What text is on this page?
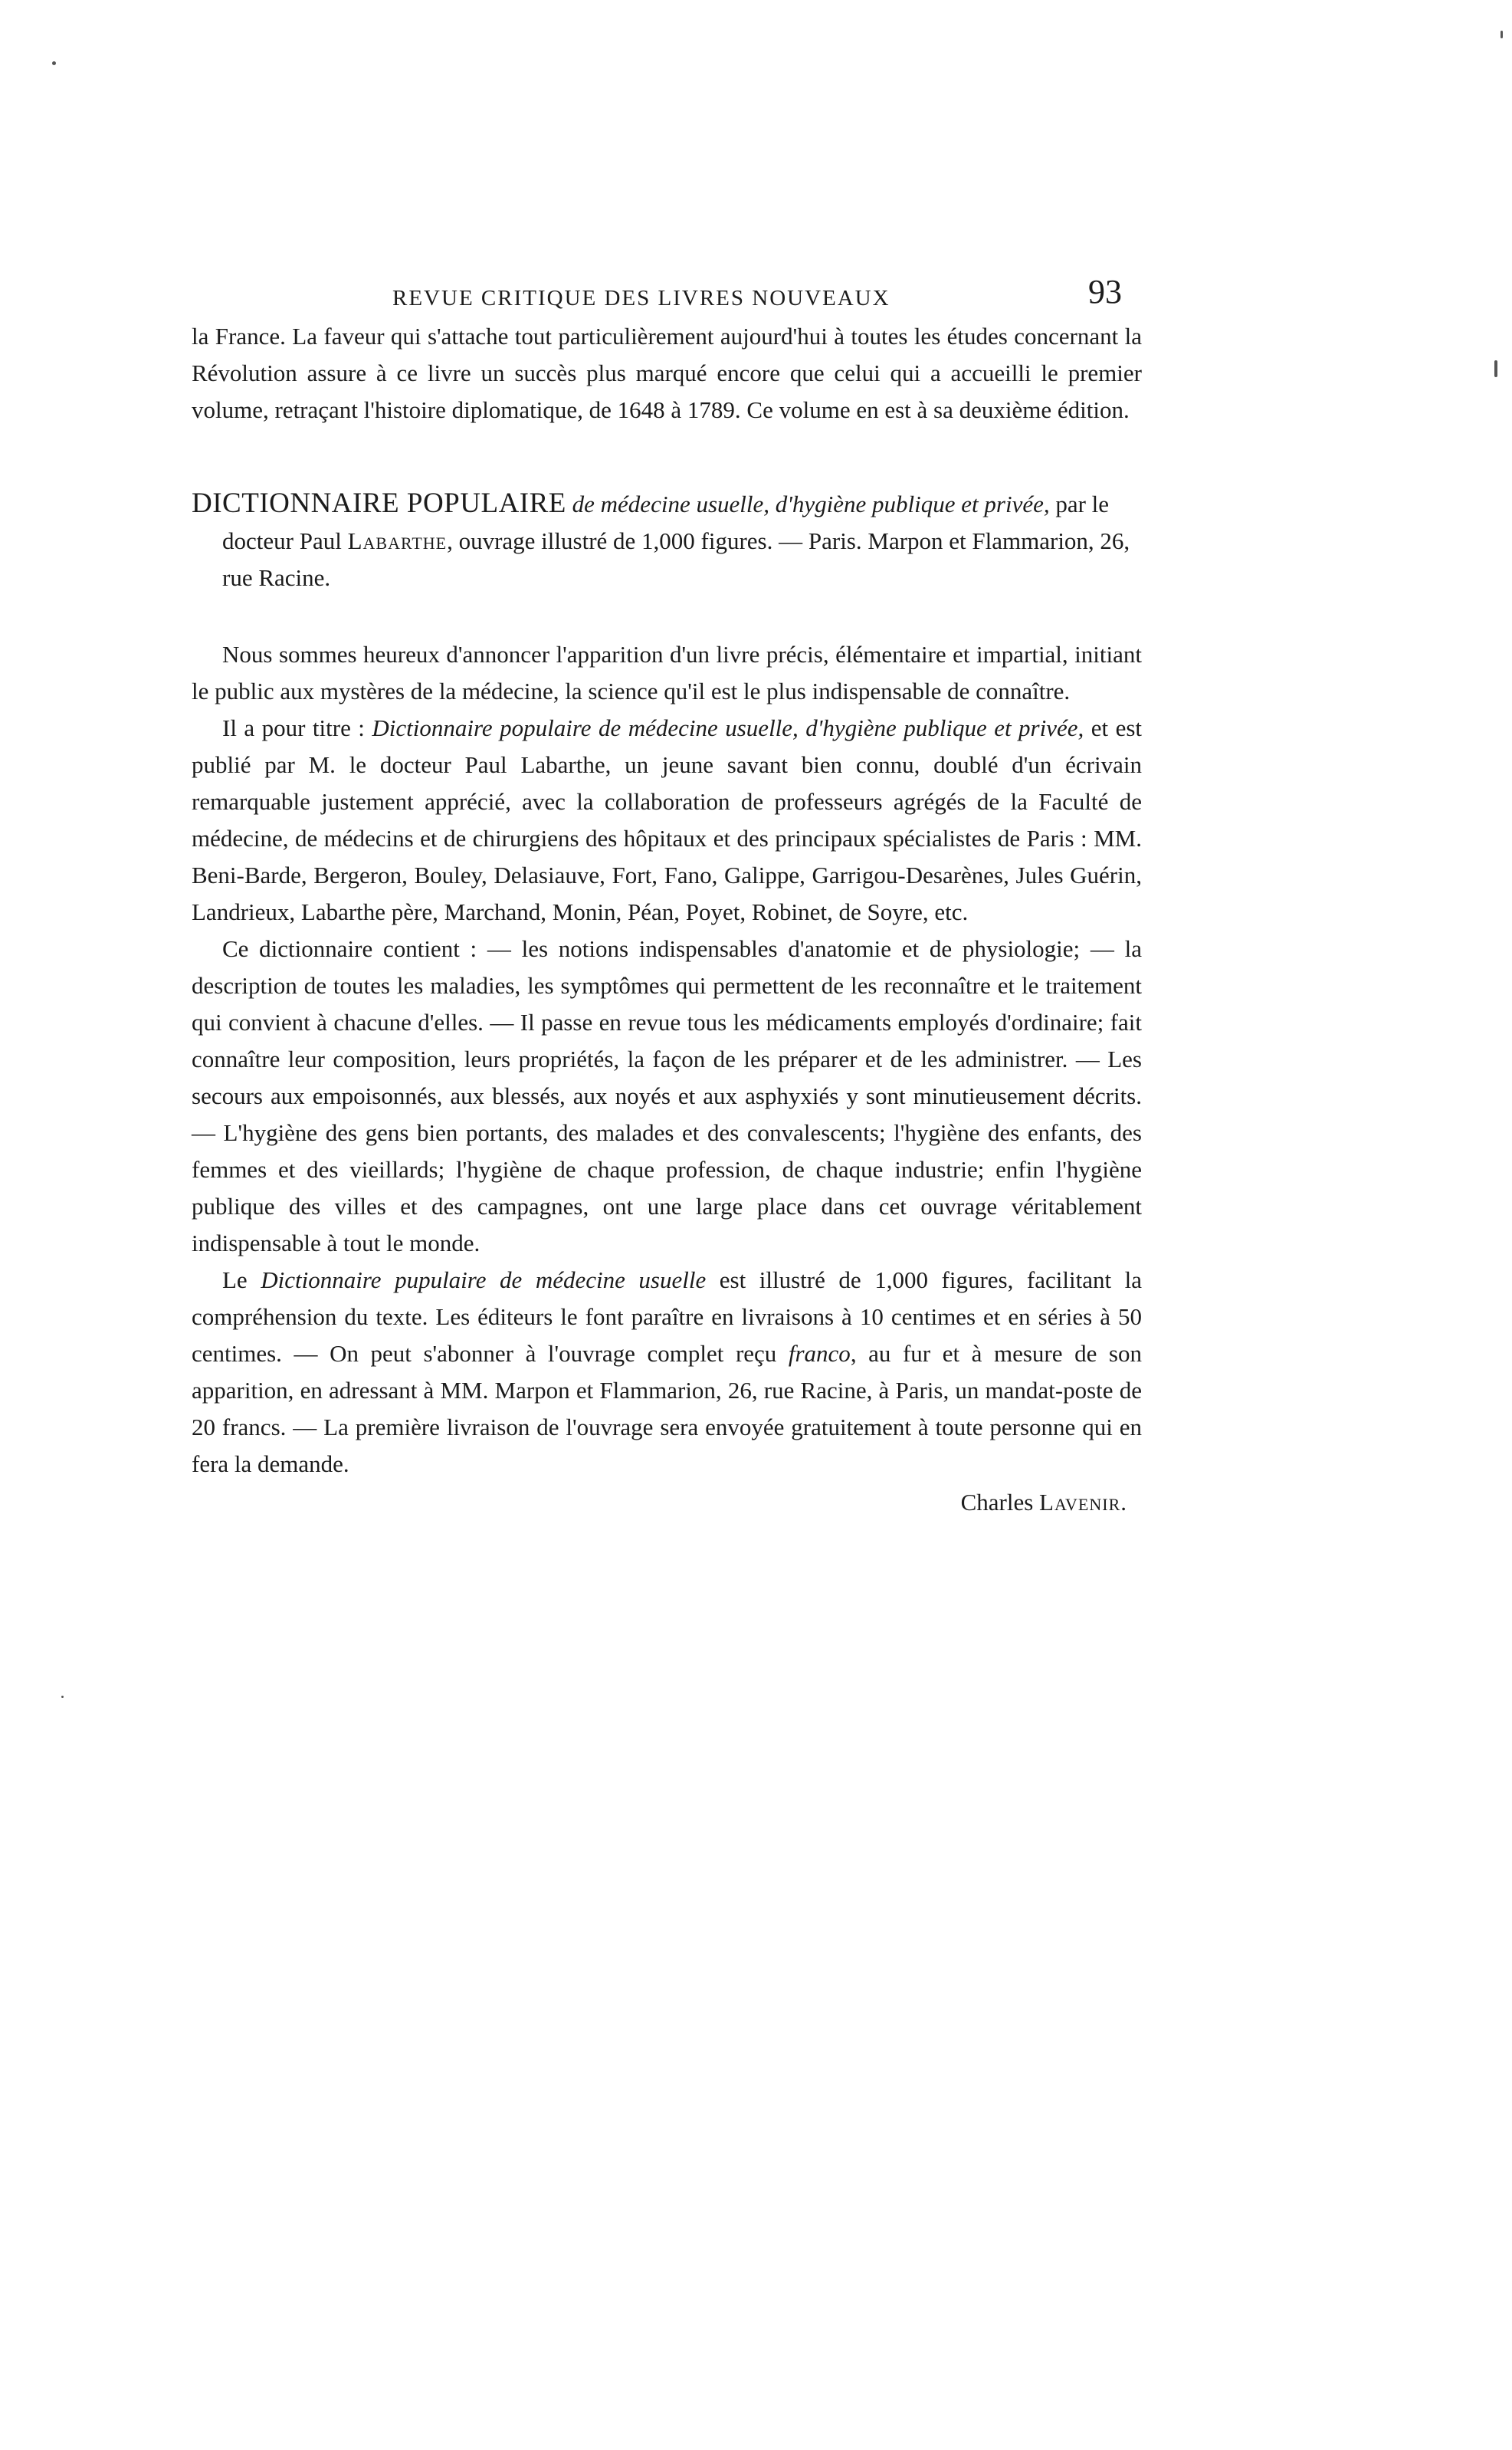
REVUE CRITIQUE DES LIVRES NOUVEAUX	93

la France. La faveur qui s'attache tout particulièrement aujourd'hui à toutes les études concernant la Révolution assure à ce livre un succès plus marqué encore que celui qui a accueilli le premier volume, retraçant l'histoire diplomatique, de 1648 à 1789. Ce volume en est à sa deuxième édition.

DICTIONNAIRE POPULAIRE de médecine usuelle, d'hygiène publique et privée, par le docteur Paul Labarthe, ouvrage illustré de 1,000 figures. — Paris. Marpon et Flammarion, 26, rue Racine.

Nous sommes heureux d'annoncer l'apparition d'un livre précis, élémentaire et impartial, initiant le public aux mystères de la médecine, la science qu'il est le plus indispensable de connaître.

Il a pour titre : Dictionnaire populaire de médecine usuelle, d'hygiène publique et privée, et est publié par M. le docteur Paul Labarthe, un jeune savant bien connu, doublé d'un écrivain remarquable justement apprécié, avec la collaboration de professeurs agrégés de la Faculté de médecine, de médecins et de chirurgiens des hôpitaux et des principaux spécialistes de Paris : MM. Beni-Barde, Bergeron, Bouley, Delasiauve, Fort, Fano, Galippe, Garrigou-Desarènes, Jules Guérin, Landrieux, Labarthe père, Marchand, Monin, Péan, Poyet, Robinet, de Soyre, etc.

Ce dictionnaire contient : — les notions indispensables d'anatomie et de physiologie; — la description de toutes les maladies, les symptômes qui permettent de les reconnaître et le traitement qui convient à chacune d'elles. — Il passe en revue tous les médicaments employés d'ordinaire; fait connaître leur composition, leurs propriétés, la façon de les préparer et de les administrer. — Les secours aux empoisonnés, aux blessés, aux noyés et aux asphyxiés y sont minutieusement décrits. — L'hygiène des gens bien portants, des malades et des convalescents; l'hygiène des enfants, des femmes et des vieillards; l'hygiène de chaque profession, de chaque industrie; enfin l'hygiène publique des villes et des campagnes, ont une large place dans cet ouvrage véritablement indispensable à tout le monde.

Le Dictionnaire pupulaire de médecine usuelle est illustré de 1,000 figures, facilitant la compréhension du texte. Les éditeurs le font paraître en livraisons à 10 centimes et en séries à 50 centimes. — On peut s'abonner à l'ouvrage complet reçu franco, au fur et à mesure de son apparition, en adressant à MM. Marpon et Flammarion, 26, rue Racine, à Paris, un mandat-poste de 20 francs. — La première livraison de l'ouvrage sera envoyée gratuitement à toute personne qui en fera la demande.

Charles Lavenir.
